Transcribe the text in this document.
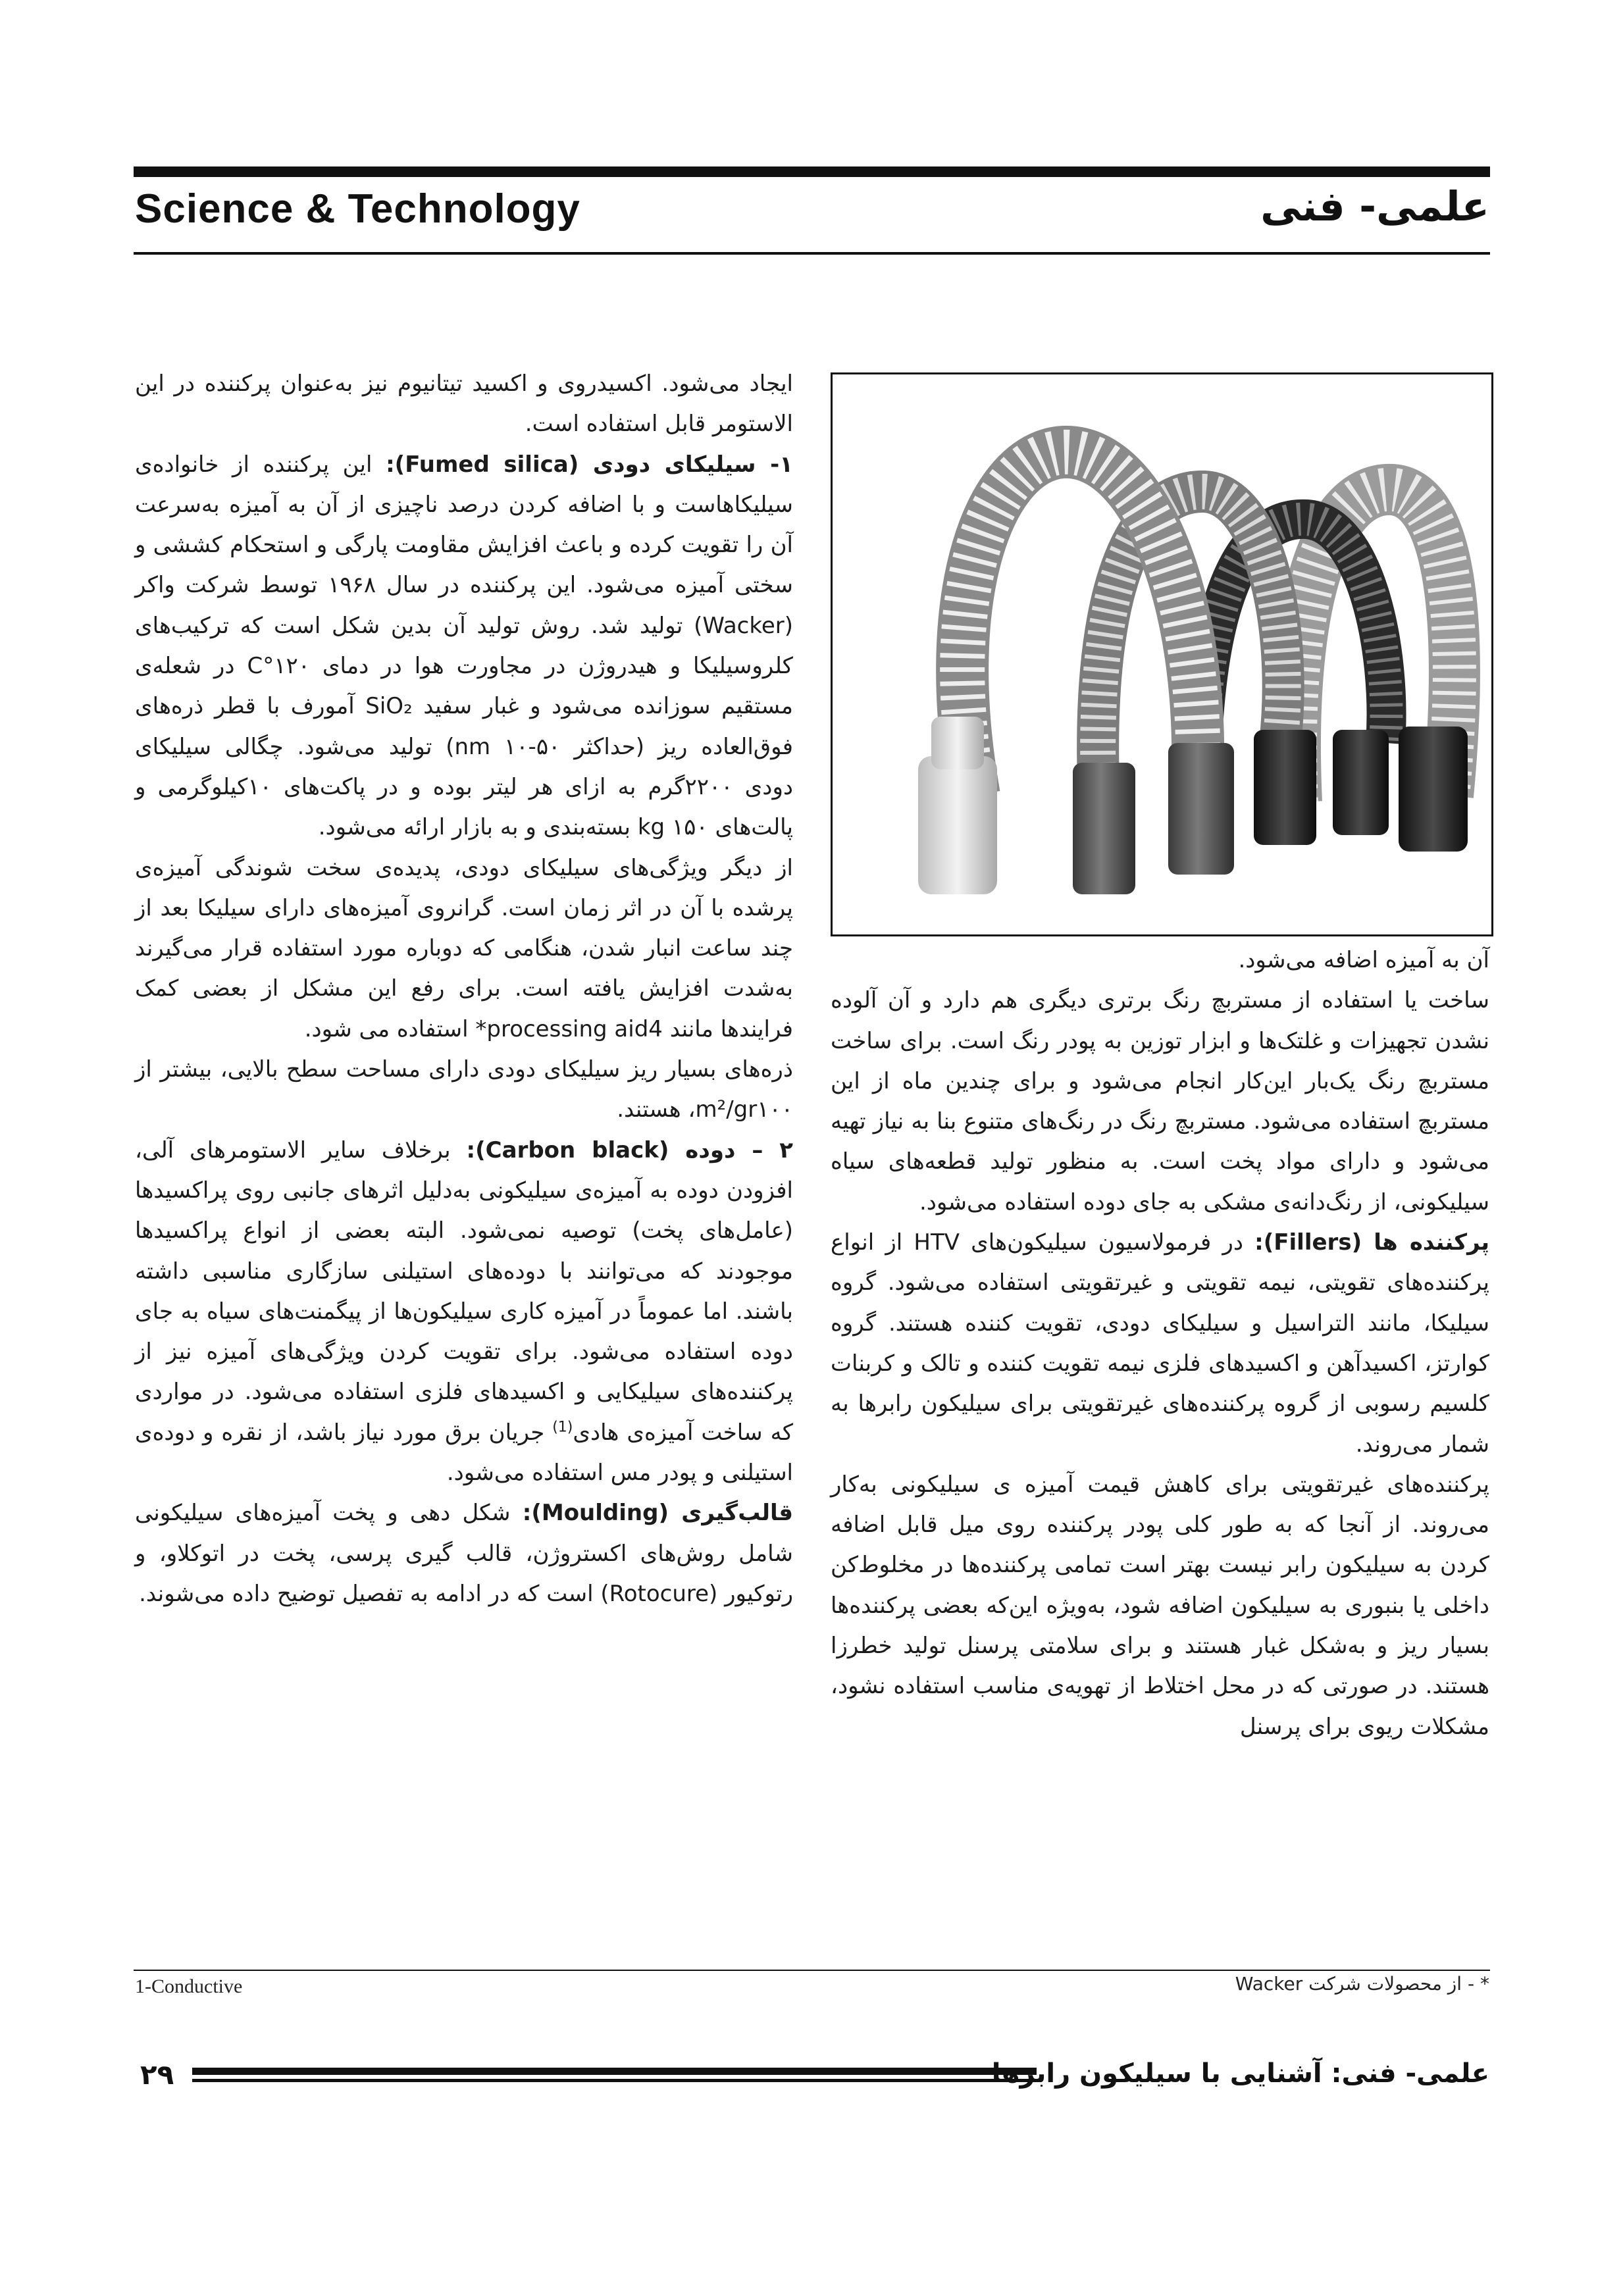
Science & Technology	علمی- فنی

ایجاد می‌شود. اکسیدروی و اکسید تیتانیوم نیز به‌عنوان پرکننده در این الاستومر قابل استفاده است.

۱- سیلیکای دودی (Fumed silica): این پرکننده از خانواده‌ی سیلیکاهاست و با اضافه کردن درصد ناچیزی از آن به آمیزه به‌سرعت آن را تقویت کرده و باعث افزایش مقاومت پارگی و استحکام کششی و سختی آمیزه می‌شود. این پرکننده در سال ۱۹۶۸ توسط شرکت واکر (Wacker) تولید شد. روش تولید آن بدین شکل است که ترکیب‌های کلروسیلیکا و هیدروژن در مجاورت هوا در دمای ۱۲۰°C در شعله‌ی مستقیم سوزانده می‌شود و غبار سفید SiO₂ آمورف با قطر ذره‌های فوق‌العاده ریز (حداکثر ۵۰-۱۰ nm) تولید می‌شود. چگالی سیلیکای دودی ۲۲۰۰گرم به ازای هر لیتر بوده و در پاکت‌های ۱۰کیلوگرمی و پالت‌های ۱۵۰ kg بسته‌بندی و به بازار ارائه می‌شود.

از دیگر ویژگی‌های سیلیکای دودی، پدیده‌ی سخت شوندگی آمیزه‌ی پرشده با آن در اثر زمان است. گرانروی آمیزه‌های دارای سیلیکا بعد از چند ساعت انبار شدن، هنگامی که دوباره مورد استفاده قرار می‌گیرند به‌شدت افزایش یافته است. برای رفع این مشکل از بعضی کمک فرایندها مانند processing aid4* استفاده می شود.

ذره‌های بسیار ریز سیلیکای دودی دارای مساحت سطح بالایی، بیشتر از ۱۰۰m²/gr، هستند.

۲ – دوده (Carbon black): برخلاف سایر الاستومرهای آلی، افزودن دوده به آمیزه‌ی سیلیکونی به‌دلیل اثرهای جانبی روی پراکسیدها (عامل‌های پخت) توصیه نمی‌شود. البته بعضی از انواع پراکسیدها موجودند که می‌توانند با دوده‌های استیلنی سازگاری مناسبی داشته باشند. اما عموماً در آمیزه کاری سیلیکون‌ها از پیگمنت‌های سیاه به جای دوده استفاده می‌شود. برای تقویت کردن ویژگی‌های آمیزه نیز از پرکننده‌های سیلیکایی و اکسیدهای فلزی استفاده می‌شود. در مواردی که ساخت آمیزه‌ی هادی$^{(1)}$ جریان برق مورد نیاز باشد، از نقره و دوده‌ی استیلنی و پودر مس استفاده می‌شود.

قالب‌گیری (Moulding): شکل دهی و پخت آمیزه‌های سیلیکونی شامل روش‌های اکستروژن، قالب گیری پرسی، پخت در اتوکلاو، و رتوکیور (Rotocure) است که در ادامه به تفصیل توضیح داده می‌شوند.

آن به آمیزه اضافه می‌شود.

ساخت یا استفاده از مستربچ رنگ برتری دیگری هم دارد و آن آلوده نشدن تجهیزات و غلتک‌ها و ابزار توزین به پودر رنگ است. برای ساخت مستربچ رنگ یک‌بار این‌کار انجام می‌شود و برای چندین ماه از این مستربچ استفاده می‌شود. مستربچ رنگ در رنگ‌های متنوع بنا به نیاز تهیه می‌شود و دارای مواد پخت است. به منظور تولید قطعه‌های سیاه سیلیکونی، از رنگ‌دانه‌ی مشکی به جای دوده استفاده می‌شود.

پرکننده ها (Fillers): در فرمولاسیون سیلیکون‌های HTV از انواع پرکننده‌های تقویتی، نیمه تقویتی و غیرتقویتی استفاده می‌شود. گروه سیلیکا، مانند الترا‌سیل و سیلیکای دودی، تقویت کننده هستند. گروه کوارتز، اکسیدآهن و اکسیدهای فلزی نیمه تقویت کننده و تالک و کربنات کلسیم رسوبی از گروه پرکننده‌های غیرتقویتی برای سیلیکون رابرها به شمار می‌روند.

پرکننده‌های غیرتقویتی برای کاهش قیمت آمیزه ی سیلیکونی به‌کار می‌روند. از آنجا که به طور کلی پودر پرکننده روی میل قابل اضافه کردن به سیلیکون رابر نیست بهتر است تمامی پرکننده‌ها در مخلوط‌کن داخلی یا بنبوری به سیلیکون اضافه شود، به‌ویژه این‌که بعضی پرکننده‌ها بسیار ریز و به‌شکل غبار هستند و برای سلامتی پرسنل تولید خطرزا هستند. در صورتی که در محل اختلاط از تهویه‌ی مناسب استفاده نشود، مشکلات ریوی برای پرسنل

1-Conductive	* - از محصولات شرکت Wacker
۲۹	علمی- فنی: آشنایی با سیلیکون رابرها
